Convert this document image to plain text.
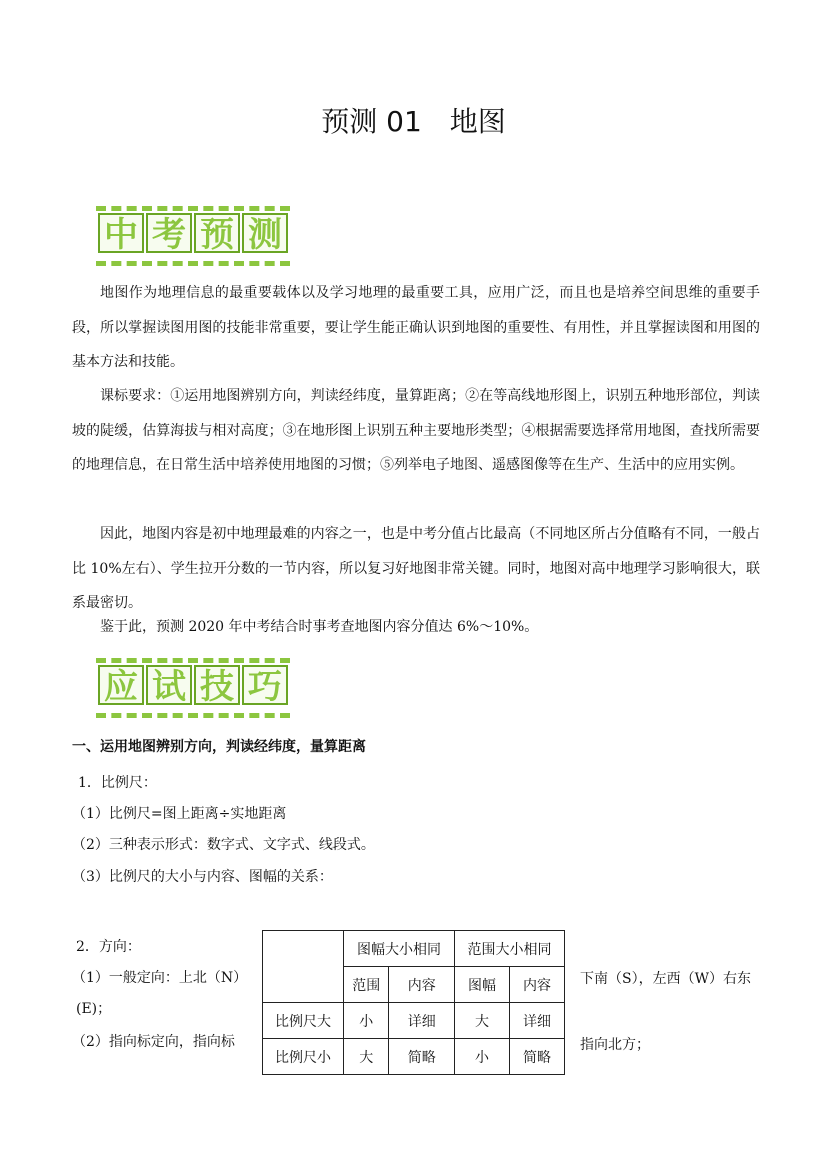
预测 01　地图
中 考 预 测

地图作为地理信息的最重要载体以及学习地理的最重要工具，应用广泛，而且也是培养空间思维的重要手段，所以掌握读图用图的技能非常重要，要让学生能正确认识到地图的重要性、有用性，并且掌握读图和用图的基本方法和技能。

课标要求：①运用地图辨别方向，判读经纬度，量算距离；②在等高线地形图上，识别五种地形部位，判读坡的陡缓，估算海拔与相对高度；③在地形图上识别五种主要地形类型；④根据需要选择常用地图，查找所需要的地理信息，在日常生活中培养使用地图的习惯；⑤列举电子地图、遥感图像等在生产、生活中的应用实例。

因此，地图内容是初中地理最难的内容之一，也是中考分值占比最高（不同地区所占分值略有不同，一般占比 10%左右）、学生拉开分数的一节内容，所以复习好地图非常关键。同时，地图对高中地理学习影响很大，联系最密切。

鉴于此，预测 2020 年中考结合时事考查地图内容分值达 6%～10%。

应 试 技 巧
一、运用地图辨别方向，判读经纬度，量算距离
1．比例尺：
（1）比例尺=图上距离÷实地距离
（2）三种表示形式：数字式、文字式、线段式。
（3）比例尺的大小与内容、图幅的关系：
2．方向：
（1）一般定向：上北（N）
(E)；
（2）指向标定向，指向标
下南（S），左西（W）右东
指向北方；
	图幅大小相同		范围大小相同	
	范围	内容	图幅	内容
比例尺大	小	详细	大	详细
比例尺小	大	简略	小	简略
